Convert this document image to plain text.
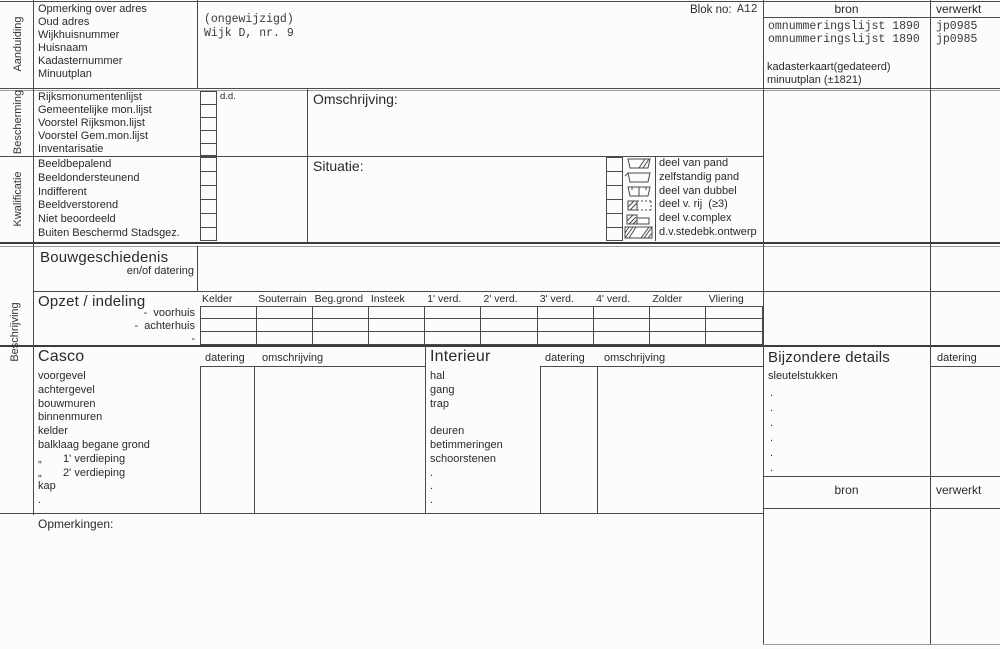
Aanduiding
Bescherming
Kwalificatie
Beschrijving
Opmerking over adres
Oud adres
Wijkhuisnummer
Huisnaam
Kadasternummer
Minuutplan
(ongewijzigd)
Wijk D, nr. 9
Blok no: A12	bron	verwerkt
omnummeringslijst 1890 jp0985
omnummeringslijst 1890 jp0985
kadasterkaart(gedateerd)
minuutplan (±1821)
Rijksmonumentenlijst
Gemeentelijke mon.lijst
Voorstel Rijksmon.lijst
Voorstel Gem.mon.lijst
Inventarisatie
d.d.	Omschrijving:
Beeldbepalend
Beeldondersteunend
Indifferent
Beeldverstorend
Niet beoordeeld
Buiten Beschermd Stadsgez.
Situatie:	deel van pand
zelfstandig pand
deel van dubbel
deel v. rij  (≥3)
deel v.complex
d.v.stedebk.ontwerp
Bouwgeschiedenis
en/of datering
Opzet / indeling
-  voorhuis
-  achterhuis
-
Kelder	Souterrain Beg.grond Insteek	1' verd.	2' verd.	3' verd.	4' verd.	Zolder	Vliering
Casco	datering omschrijving
voorgevel
achtergevel
bouwmuren
binnenmuren
kelder
balklaag begane grond
„       1' verdieping
„       2' verdieping
kap
.
Interieur	datering omschrijving
hal
gang
trap
deuren
betimmeringen
schoorstenen
.
.
.
Bijzondere details	datering
sleutelstukken
.
.
.
.
.
.
bron	verwerkt
Opmerkingen:
